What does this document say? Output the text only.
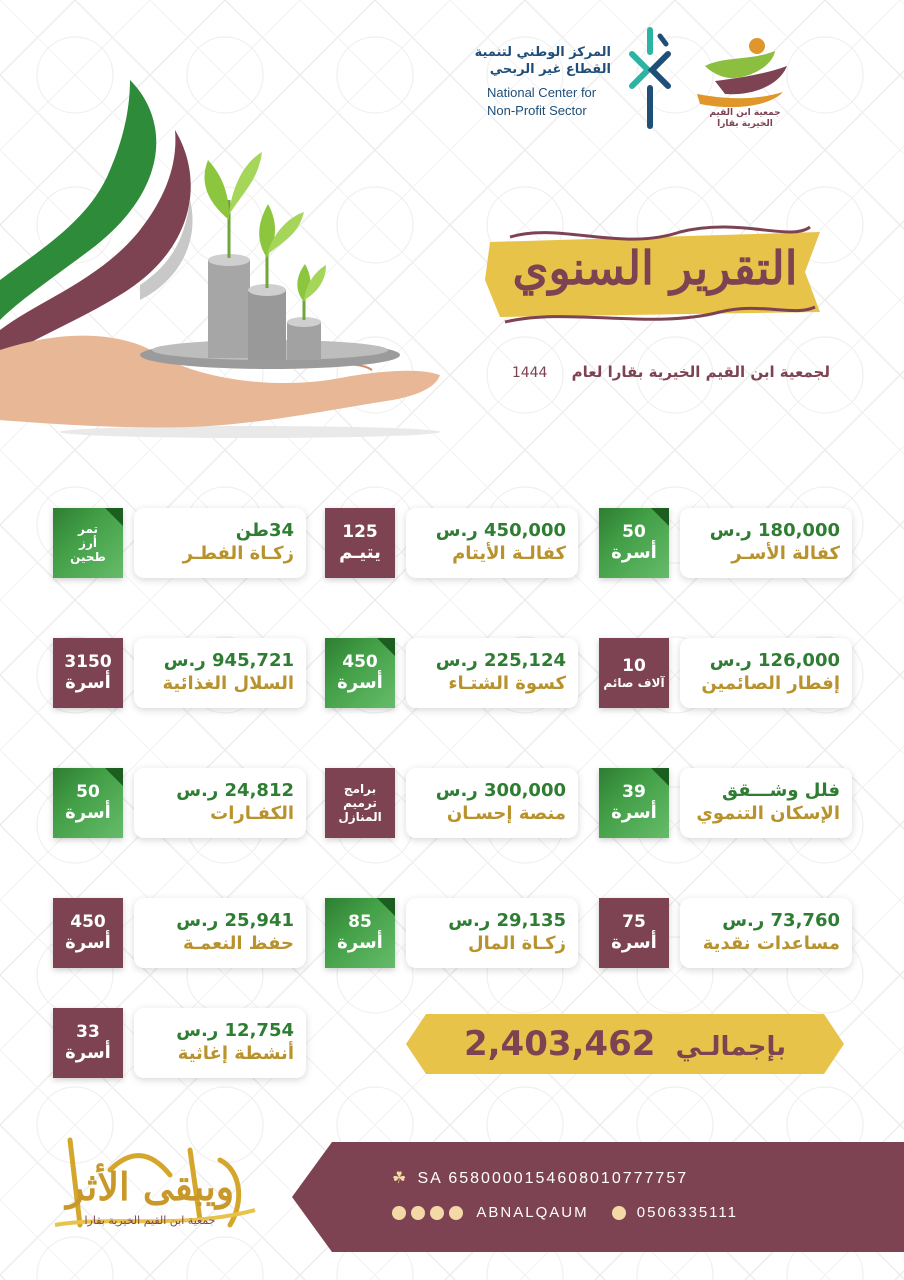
المركز الوطني لتنمية
القطاع غير الربحي
National Center for
Non-Profit Sector	جمعية ابن القيم
الخيرية بقارا
التقرير السنوي
لجمعية ابن القيم الخيرية بقارا لعام  1444
180,000 ر.س
كفالة الأسـر
50
أسرة
450,000 ر.س
كفالـة الأيتام
125
يتيـم
34طن
زكـاة الفطـر
تمر
أرز
طحين
126,000 ر.س
إفطار الصائمين
10
آلاف صائم
225,124 ر.س
كسوة الشتـاء
450
أسرة
945,721 ر.س
السلال الغذائية
3150
أسرة
فلل وشـــقق
الإسكان التنموي
39
أسرة
300,000 ر.س
منصة إحسـان
برامج
ترميم
المنازل
24,812 ر.س
الكفـارات
50
أسرة
73,760 ر.س
مساعدات نقدية
75
أسرة
29,135 ر.س
زكـاة المال
85
أسرة
25,941 ر.س
حفظ النعمـة
450
أسرة
12,754 ر.س
أنشطة إغاثية
33
أسرة	بإجمالـي  2,403,462
☘ SA 6580000154608010777757
ABNALQAUM	0506335111
ويبقى الأثر
جمعية ابن القيم الخيرية بقارا
